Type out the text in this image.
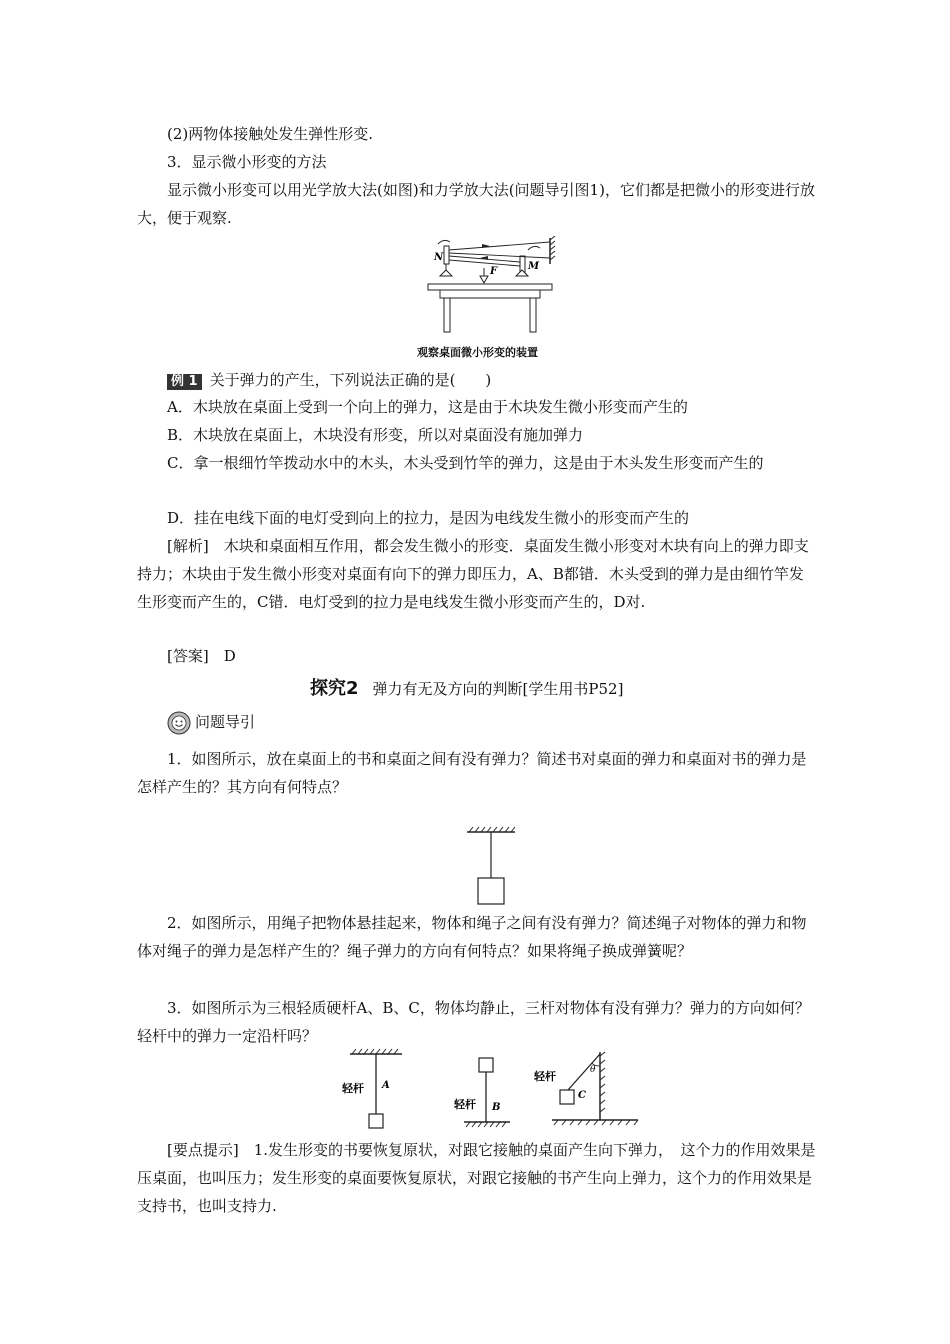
(2)两物体接触处发生弹性形变.

3．显示微小形变的方法

显示微小形变可以用光学放大法(如图)和力学放大法(问题导引图1)，它们都是把微小的形变进行放大，便于观察.

N
M
F
观察桌面微小形变的装置

例 1 关于弹力的产生，下列说法正确的是(　　)

A．木块放在桌面上受到一个向上的弹力，这是由于木块发生微小形变而产生的

B．木块放在桌面上，木块没有形变，所以对桌面没有施加弹力

C．拿一根细竹竿拨动水中的木头，木头受到竹竿的弹力，这是由于木头发生形变而产生的

D．挂在电线下面的电灯受到向上的拉力，是因为电线发生微小的形变而产生的

[解析]　木块和桌面相互作用，都会发生微小的形变．桌面发生微小形变对木块有向上的弹力即支持力；木块由于发生微小形变对桌面有向下的弹力即压力，A、B都错．木头受到的弹力是由细竹竿发生形变而产生的，C错．电灯受到的拉力是电线发生微小形变而产生的，D对.

[答案]　D

探究2 弹力有无及方向的判断[学生用书P52]
问题导引

1．如图所示，放在桌面上的书和桌面之间有没有弹力？简述书对桌面的弹力和桌面对书的弹力是怎样产生的？其方向有何特点？

2．如图所示，用绳子把物体悬挂起来，物体和绳子之间有没有弹力？简述绳子对物体的弹力和物体对绳子的弹力是怎样产生的？绳子弹力的方向有何特点？如果将绳子换成弹簧呢？

3．如图所示为三根轻质硬杆A、B、C，物体均静止，三杆对物体有没有弹力？弹力的方向如何？轻杆中的弹力一定沿杆吗？

轻杆 A
轻杆 B
θ
轻杆
C

[要点提示]　1.发生形变的书要恢复原状，对跟它接触的桌面产生向下弹力，　这个力的作用效果是压桌面，也叫压力；发生形变的桌面要恢复原状，对跟它接触的书产生向上弹力，这个力的作用效果是支持书，也叫支持力.
